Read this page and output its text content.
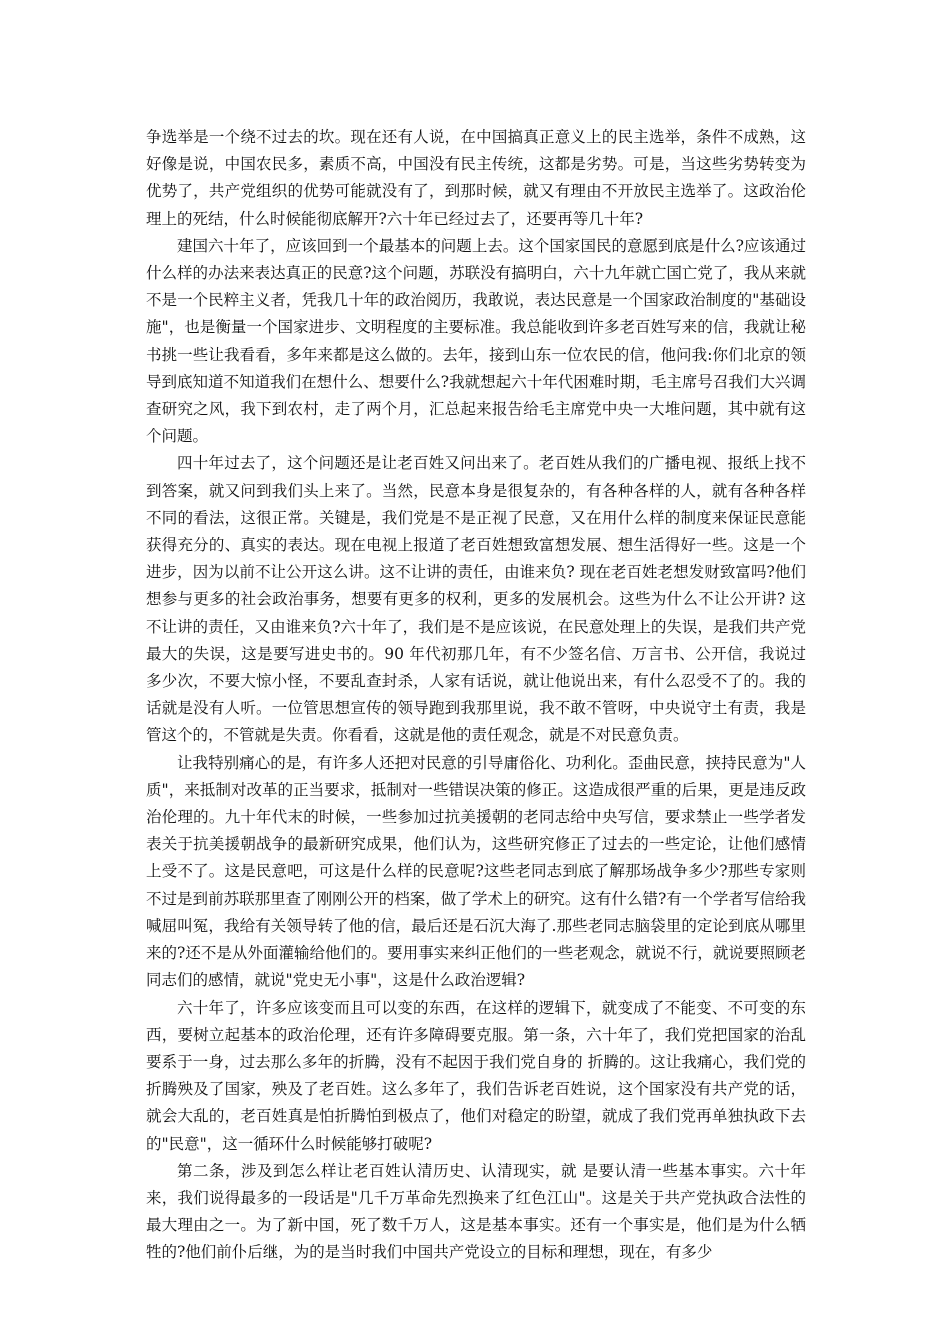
争选举是一个绕不过去的坎。现在还有人说，在中国搞真正意义上的民主选举，条件不成熟，这好像是说，中国农民多，素质不高，中国没有民主传统，这都是劣势。可是，当这些劣势转变为优势了，共产党组织的优势可能就没有了，到那时候，就又有理由不开放民主选举了。这政治伦理上的死结，什么时候能彻底解开?六十年已经过去了，还要再等几十年?

建国六十年了，应该回到一个最基本的问题上去。这个国家国民的意愿到底是什么?应该通过什么样的办法来表达真正的民意?这个问题，苏联没有搞明白，六十九年就亡国亡党了，我从来就不是一个民粹主义者，凭我几十年的政治阅历，我敢说，表达民意是一个国家政治制度的"基础设施"，也是衡量一个国家进步、文明程度的主要标准。我总能收到许多老百姓写来的信，我就让秘书挑一些让我看看，多年来都是这么做的。去年，接到山东一位农民的信，他问我:你们北京的领导到底知道不知道我们在想什么、想要什么?我就想起六十年代困难时期，毛主席号召我们大兴调查研究之风，我下到农村，走了两个月，汇总起来报告给毛主席党中央一大堆问题，其中就有这个问题。

四十年过去了，这个问题还是让老百姓又问出来了。老百姓从我们的广播电视、报纸上找不到答案，就又问到我们头上来了。当然，民意本身是很复杂的，有各种各样的人，就有各种各样不同的看法，这很正常。关键是，我们党是不是正视了民意，又在用什么样的制度来保证民意能获得充分的、真实的表达。现在电视上报道了老百姓想致富想发展、想生活得好一些。这是一个进步，因为以前不让公开这么讲。这不让讲的责任，由谁来负? 现在老百姓老想发财致富吗?他们想参与更多的社会政治事务，想要有更多的权利，更多的发展机会。这些为什么不让公开讲? 这不让讲的责任，又由谁来负?六十年了，我们是不是应该说，在民意处理上的失误，是我们共产党最大的失误，这是要写进史书的。90 年代初那几年，有不少签名信、万言书、公开信，我说过多少次，不要大惊小怪，不要乱查封杀，人家有话说，就让他说出来，有什么忍受不了的。我的话就是没有人听。一位管思想宣传的领导跑到我那里说，我不敢不管呀，中央说守土有责，我是管这个的，不管就是失责。你看看，这就是他的责任观念，就是不对民意负责。

让我特别痛心的是，有许多人还把对民意的引导庸俗化、功利化。歪曲民意，挟持民意为"人质"，来抵制对改革的正当要求，抵制对一些错误决策的修正。这造成很严重的后果，更是违反政治伦理的。九十年代末的时候，一些参加过抗美援朝的老同志给中央写信，要求禁止一些学者发表关于抗美援朝战争的最新研究成果，他们认为，这些研究修正了过去的一些定论，让他们感情上受不了。这是民意吧，可这是什么样的民意呢?这些老同志到底了解那场战争多少?那些专家则不过是到前苏联那里查了刚刚公开的档案，做了学术上的研究。这有什么错?有一个学者写信给我喊屈叫冤，我给有关领导转了他的信，最后还是石沉大海了.那些老同志脑袋里的定论到底从哪里来的?还不是从外面灌输给他们的。要用事实来纠正他们的一些老观念，就说不行，就说要照顾老同志们的感情，就说"党史无小事"，这是什么政治逻辑?

六十年了，许多应该变而且可以变的东西，在这样的逻辑下，就变成了不能变、不可变的东西，要树立起基本的政治伦理，还有许多障碍要克服。第一条，六十年了，我们党把国家的治乱 要系于一身，过去那么多年的折腾，没有不起因于我们党自身的 折腾的。这让我痛心，我们党的折腾殃及了国家，殃及了老百姓。这么多年了，我们告诉老百姓说，这个国家没有共产党的话，就会大乱的，老百姓真是怕折腾怕到极点了，他们对稳定的盼望，就成了我们党再单独执政下去的"民意"，这一循环什么时候能够打破呢?

第二条，涉及到怎么样让老百姓认清历史、认清现实，就 是要认清一些基本事实。六十年来，我们说得最多的一段话是"几千万革命先烈换来了红色江山"。这是关于共产党执政合法性的最大理由之一。为了新中国，死了数千万人，这是基本事实。还有一个事实是，他们是为什么牺牲的?他们前仆后继，为的是当时我们中国共产党设立的目标和理想，现在，有多少
